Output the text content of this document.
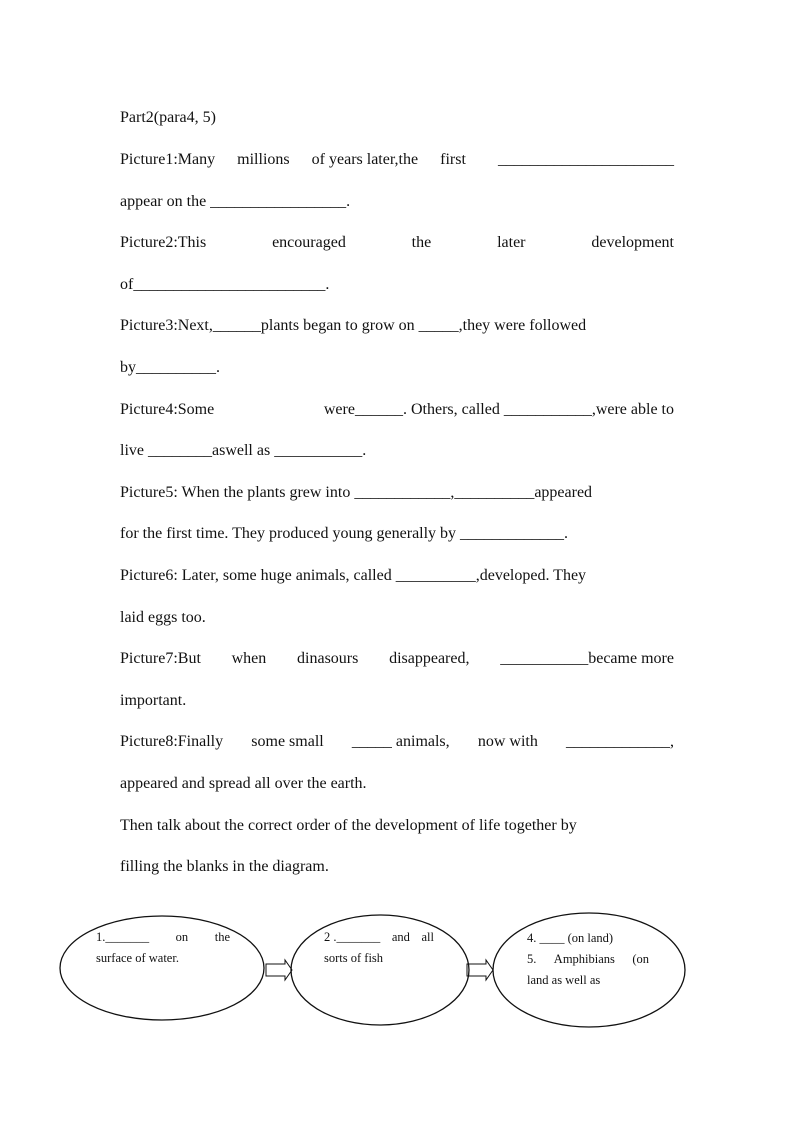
Part2(para4, 5)
Picture1:Many millions of years later,the first ______________________
appear on the _________________.
Picture2:This	encouraged	the	later	development
of________________________.
Picture3:Next,______plants began to grow on _____,they were followed
by__________.
Picture4:Some	were______. Others, called ___________,were able to
live ________aswell as ___________.
Picture5: When the plants grew into ____________,__________appeared
for the first time. They produced young generally by _____________.
Picture6: Later, some huge animals, called __________,developed. They
laid eggs too.
Picture7:But when dinasours disappeared, ___________became more
important.
Picture8:Finally some small _____ animals, now with _____________,
appeared and spread all over the earth.
Then talk about the correct order of the development of life together by
filling the blanks in the diagram.
1._______ on the
surface of water.
2 ._______ and all
sorts of fish
4. ____ (on land)
5. Amphibians (on
land as well as
